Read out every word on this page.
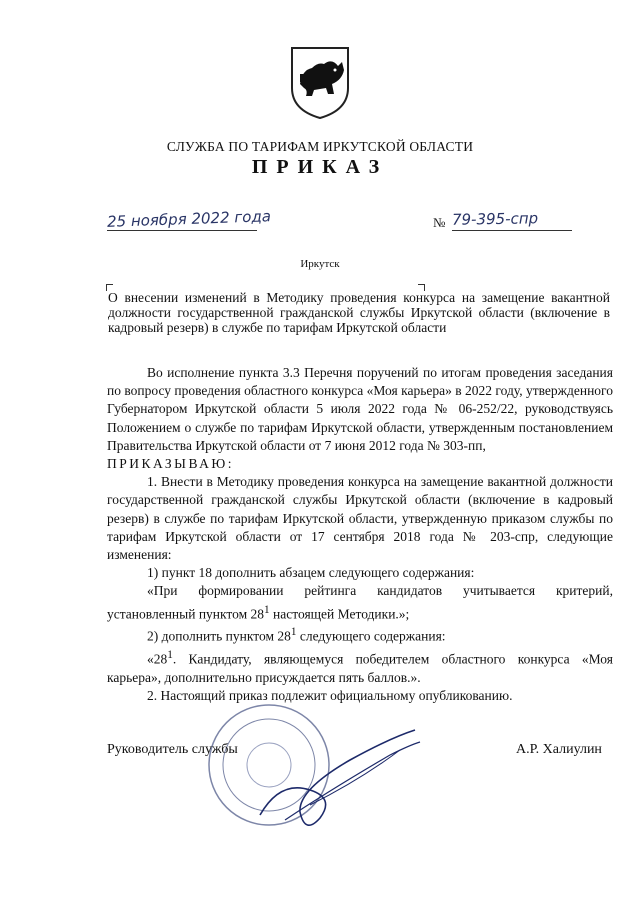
СЛУЖБА ПО ТАРИФАМ ИРКУТСКОЙ ОБЛАСТИ
ПРИКАЗ
25 ноября 2022 года	№ 79-395-спр
Иркутск
О внесении изменений в Методику проведения конкурса на замещение вакантной должности государственной гражданской службы Иркутской области (включение в кадровый резерв) в службе по тарифам Иркутской области

Во исполнение пункта 3.3 Перечня поручений по итогам проведения заседания по вопросу проведения областного конкурса «Моя карьера» в 2022 году, утвержденного Губернатором Иркутской области 5 июля 2022 года № 06-252/22, руководствуясь Положением о службе по тарифам Иркутской области, утвержденным постановлением Правительства Иркутской области от 7 июня 2012 года № 303-пп,

ПРИКАЗЫВАЮ:

1. Внести в Методику проведения конкурса на замещение вакантной должности государственной гражданской службы Иркутской области (включение в кадровый резерв) в службе по тарифам Иркутской области, утвержденную приказом службы по тарифам Иркутской области от 17 сентября 2018 года № 203-спр, следующие изменения:

1) пункт 18 дополнить абзацем следующего содержания:

«При формировании рейтинга кандидатов учитывается критерий, установленный пунктом $28^1$ настоящей Методики.»;

2) дополнить пунктом $28^1$ следующего содержания:

«$28^1$. Кандидату, являющемуся победителем областного конкурса «Моя карьера», дополнительно присуждается пять баллов.».

2. Настоящий приказ подлежит официальному опубликованию.

Руководитель службы	А.Р. Халиулин
